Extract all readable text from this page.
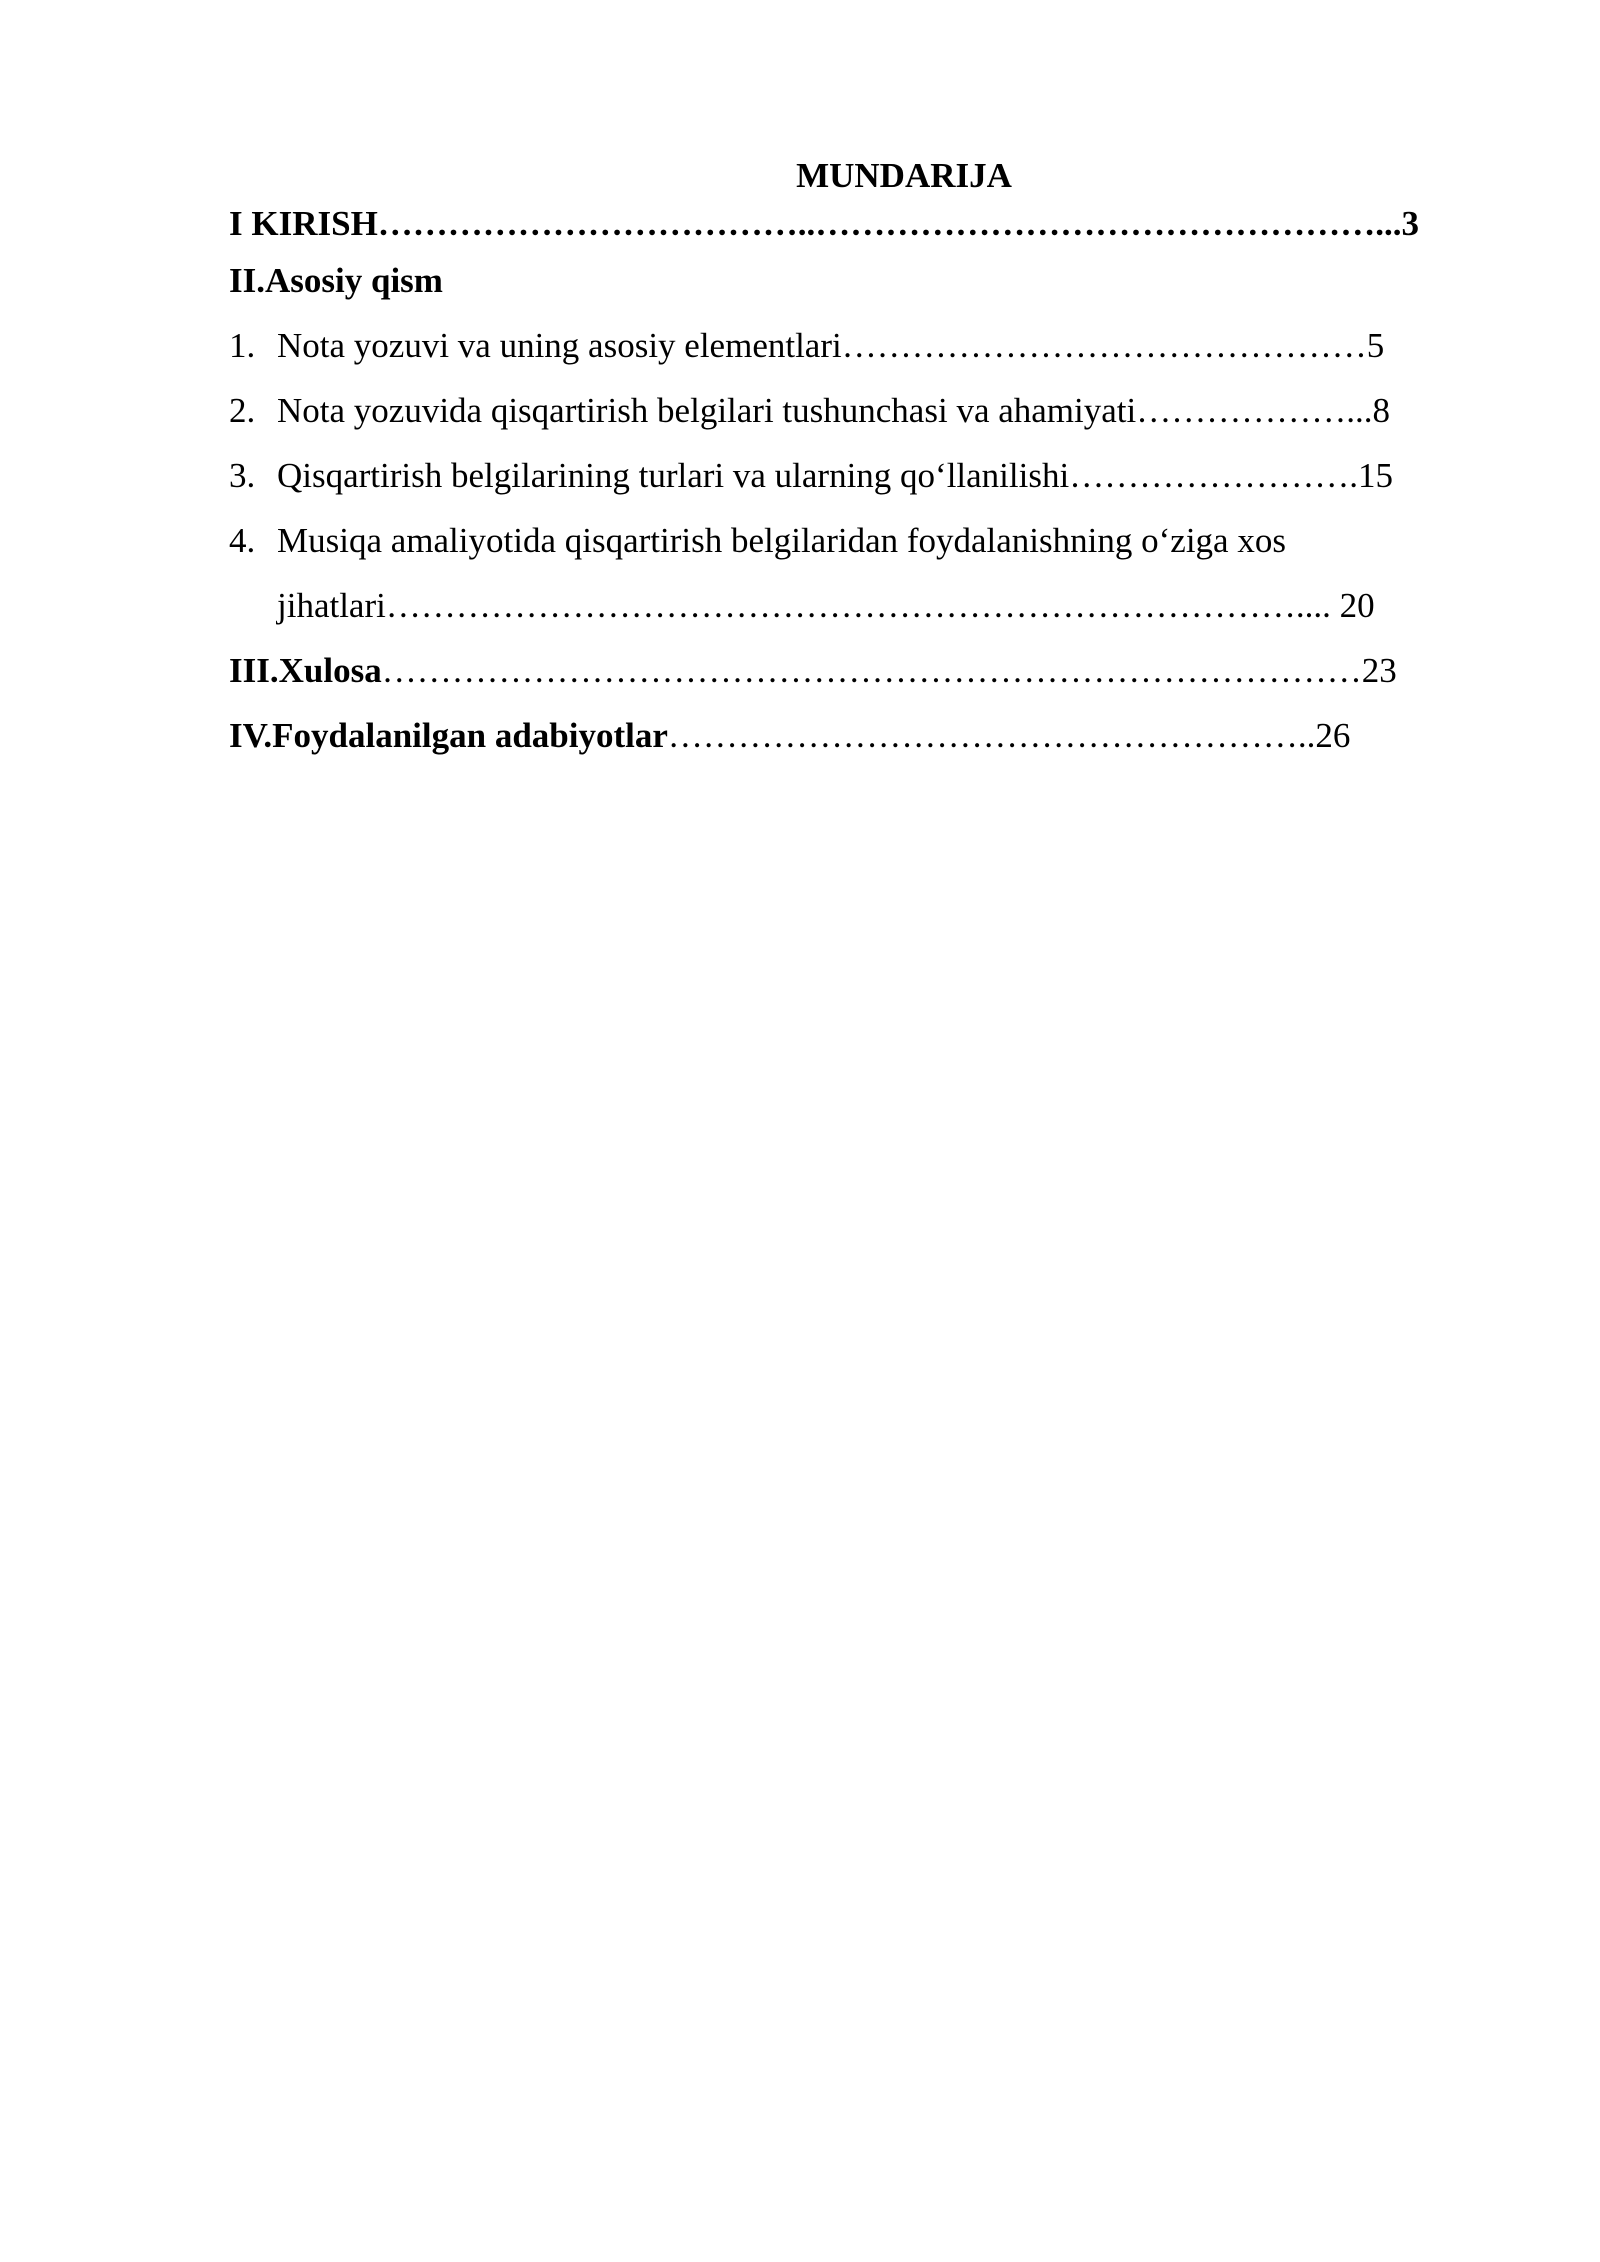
MUNDARIJA
I KIRISH………………………………..…………………………………………...3
II.Asosiy qism
1. Nota yozuvi va uning asosiy elementlari………………………………………5
2. Nota yozuvida qisqartirish belgilari tushunchasi va ahamiyati………………...8
3. Qisqartirish belgilarining turlari va ularning qo‘llanilishi…………………….15
4. Musiqa amaliyotida qisqartirish belgilaridan foydalanishning o‘ziga xos
jihatlari…………………………………………………………………….... 20
III.Xulosa…………………………………………………………………………23
IV.Foydalanilgan adabiyotlar………………………………………………..26
